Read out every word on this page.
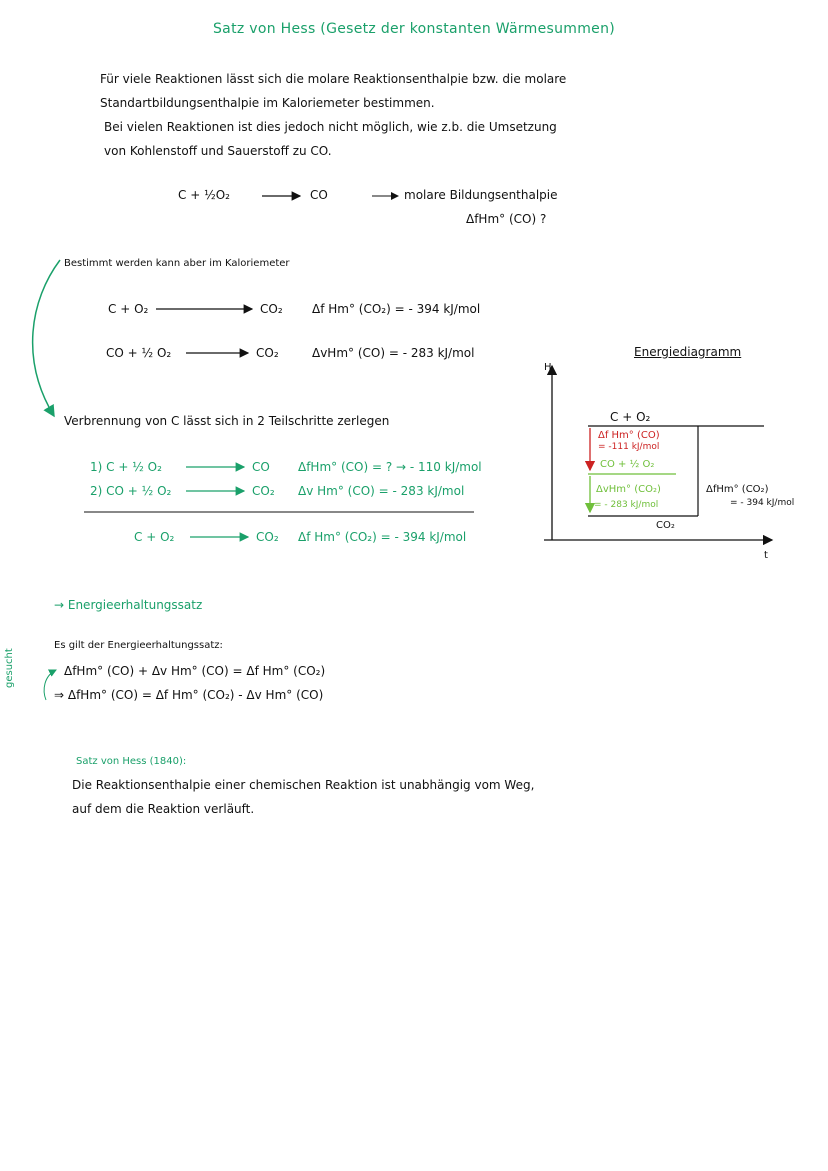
Satz von Hess (Gesetz der konstanten Wärmesummen)
Für viele Reaktionen lässt sich die molare Reaktionsenthalpie bzw. die molare
Standartbildungsenthalpie im Kaloriemeter bestimmen.
Bei vielen Reaktionen ist dies jedoch nicht möglich, wie z.b. die Umsetzung
von Kohlenstoff und Sauerstoff zu CO.
C + ½O₂	CO	molare Bildungsenthalpie
ΔfHm° (CO) ?
Bestimmt werden kann aber im Kaloriemeter
C + O₂	CO₂ Δf Hm° (CO₂) = - 394 kJ/mol
CO + ½ O₂	CO₂	ΔvHm° (CO) = - 283 kJ/mol
Verbrennung von C lässt sich in 2 Teilschritte zerlegen
1) C + ½ O₂	CO ΔfHm° (CO) = ? → - 110 kJ/mol
2) CO + ½ O₂	CO₂ Δv Hm° (CO) = - 283 kJ/mol
C + O₂	CO₂ Δf Hm° (CO₂) = - 394 kJ/mol
→ Energieerhaltungssatz
Es gilt der Energieerhaltungssatz:
ΔfHm° (CO) + Δv Hm° (CO) = Δf Hm° (CO₂)
⇒ ΔfHm° (CO) = Δf Hm° (CO₂) - Δv Hm° (CO)
gesucht
Satz von Hess (1840):
Die Reaktionsenthalpie einer chemischen Reaktion ist unabhängig vom Weg,
auf dem die Reaktion verläuft.
Energiediagramm
H
t
C + O₂
Δf Hm° (CO)
= -111 kJ/mol
CO + ½ O₂
ΔvHm° (CO₂)
= - 283 kJ/mol
CO₂
ΔfHm° (CO₂)
= - 394 kJ/mol
